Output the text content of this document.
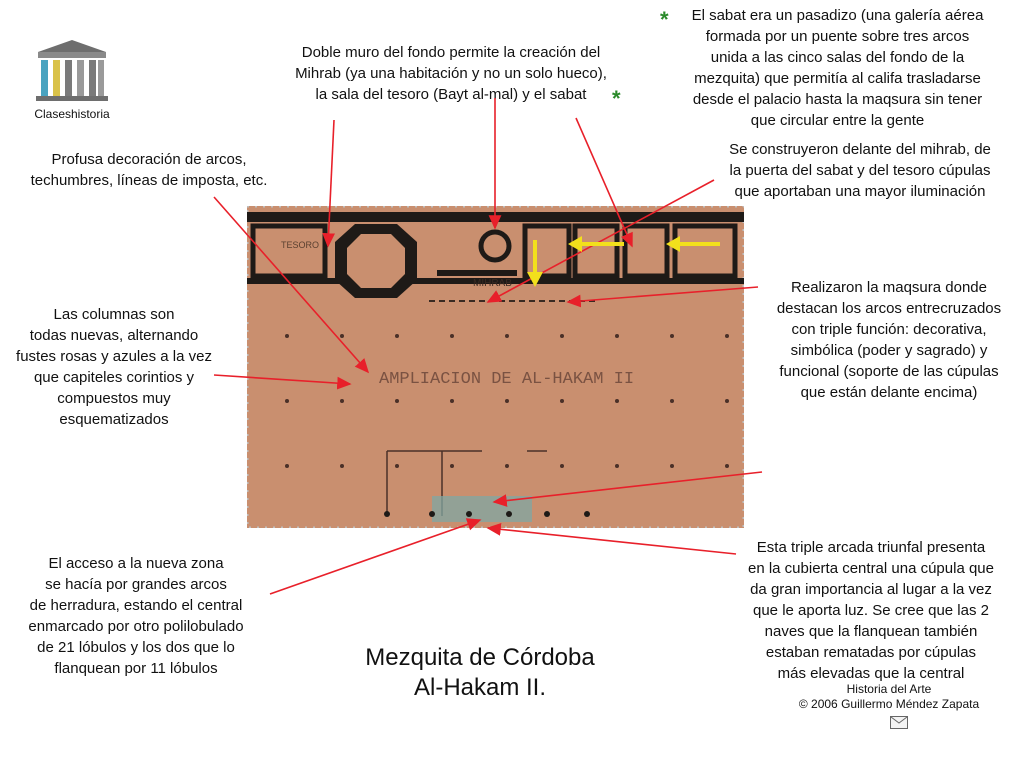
Claseshistoria
El sabat era un pasadizo (una galería aérea
formada por un puente sobre tres arcos
unida a las cinco salas del fondo de la
mezquita) que permitía al califa trasladarse
desde el palacio hasta la maqsura sin tener
que circular entre la gente
*
Doble muro del fondo permite la creación del
Mihrab (ya una habitación y no un solo hueco),
la sala del tesoro (Bayt al-mal) y el sabat	*
Profusa decoración de arcos,
techumbres, líneas de imposta, etc.
Se construyeron delante del mihrab, de
la puerta del sabat y del tesoro cúpulas
que aportaban una mayor iluminación
Las columnas son
todas nuevas, alternando
fustes rosas y azules a la vez
que capiteles corintios y
compuestos muy
esquematizados
Realizaron la maqsura donde
destacan los arcos entrecruzados
con triple función: decorativa,
simbólica (poder y sagrado) y
funcional (soporte de las cúpulas
que están delante encima)
El acceso a la nueva zona
se hacía por grandes arcos
de herradura, estando el central
enmarcado por otro polilobulado
de 21 lóbulos y los dos que lo
flanquean por 11 lóbulos
Esta triple arcada triunfal presenta
en la cubierta central una cúpula que
da gran importancia al lugar a la vez
que le aporta luz. Se cree que las 2
naves que la flanquean también
estaban rematadas por cúpulas
más elevadas que la central
TESORO
MIHRAB
AMPLIACION DE AL-HAKAM II
Mezquita de Córdoba
Al-Hakam II.	Historia del Arte
© 2006 Guillermo Méndez Zapata
